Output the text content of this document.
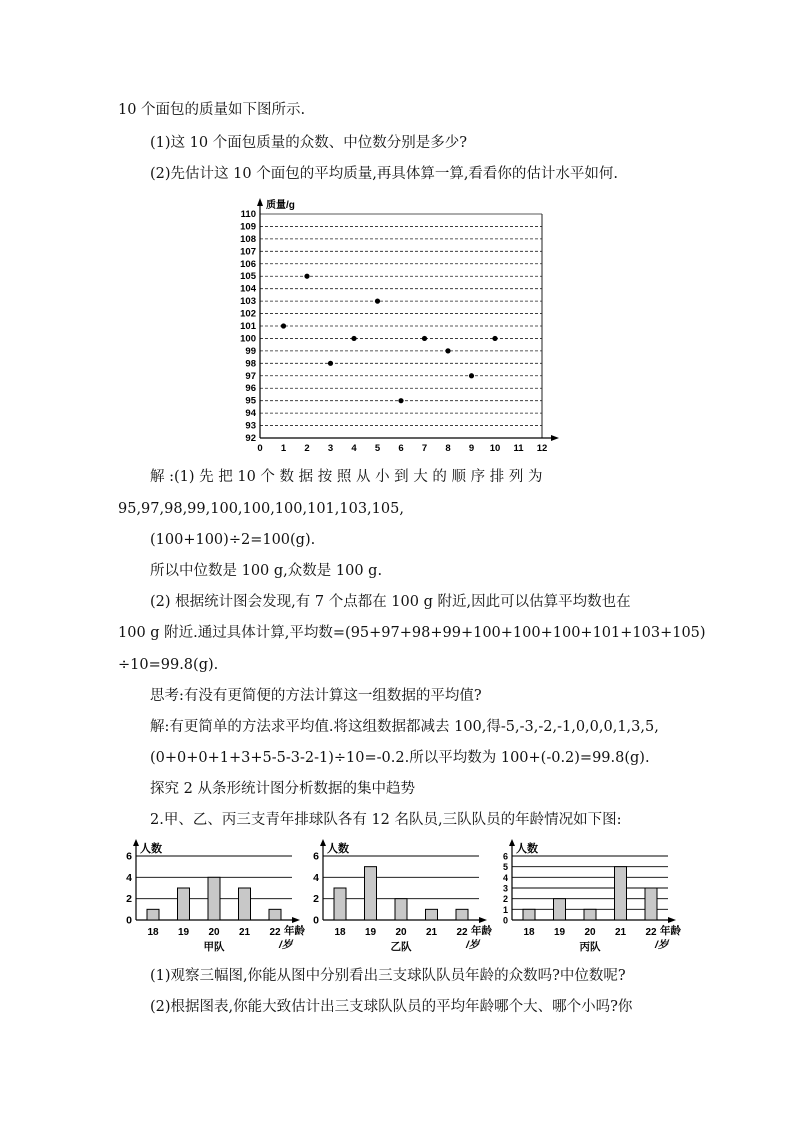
10 个面包的质量如下图所示.
(1)这 10 个面包质量的众数、中位数分别是多少?
(2)先估计这 10 个面包的平均质量,再具体算一算,看看你的估计水平如何.
92
93
94
95
96
97
98
99
100
101
102
103
104
105
106
107
108
109
110
0 1 2 3 4 5 6 7 8 9 10 11 12
质量/g
解 :(1) 先 把 10 个 数 据 按 照 从 小 到 大 的 顺 序 排 列 为
95,97,98,99,100,100,100,101,103,105,
(100+100)÷2=100(g).
所以中位数是 100 g,众数是 100 g.
(2) 根据统计图会发现,有 7 个点都在 100 g 附近,因此可以估算平均数也在
100 g 附近.通过具体计算,平均数=(95+97+98+99+100+100+100+101+103+105)
÷10=99.8(g).
思考:有没有更简便的方法计算这一组数据的平均值?
解:有更简单的方法求平均值.将这组数据都减去 100,得-5,-3,-2,-1,0,0,0,1,3,5,
(0+0+0+1+3+5-5-3-2-1)÷10=-0.2.所以平均数为 100+(-0.2)=99.8(g).
探究 2 从条形统计图分析数据的集中趋势
2.甲、乙、丙三支青年排球队各有 12 名队员,三队队员的年龄情况如下图:
0
2
4
6
人数
18 19 20 21 22 年龄
/岁
甲队
0
2
4
6
人数
18 19 20 21 22 年龄
/岁
乙队
0
1
2
3
4
5
6
人数
18 19 20 21 22 年龄
/岁
丙队
(1)观察三幅图,你能从图中分别看出三支球队队员年龄的众数吗?中位数呢?
(2)根据图表,你能大致估计出三支球队队员的平均年龄哪个大、哪个小吗?你
